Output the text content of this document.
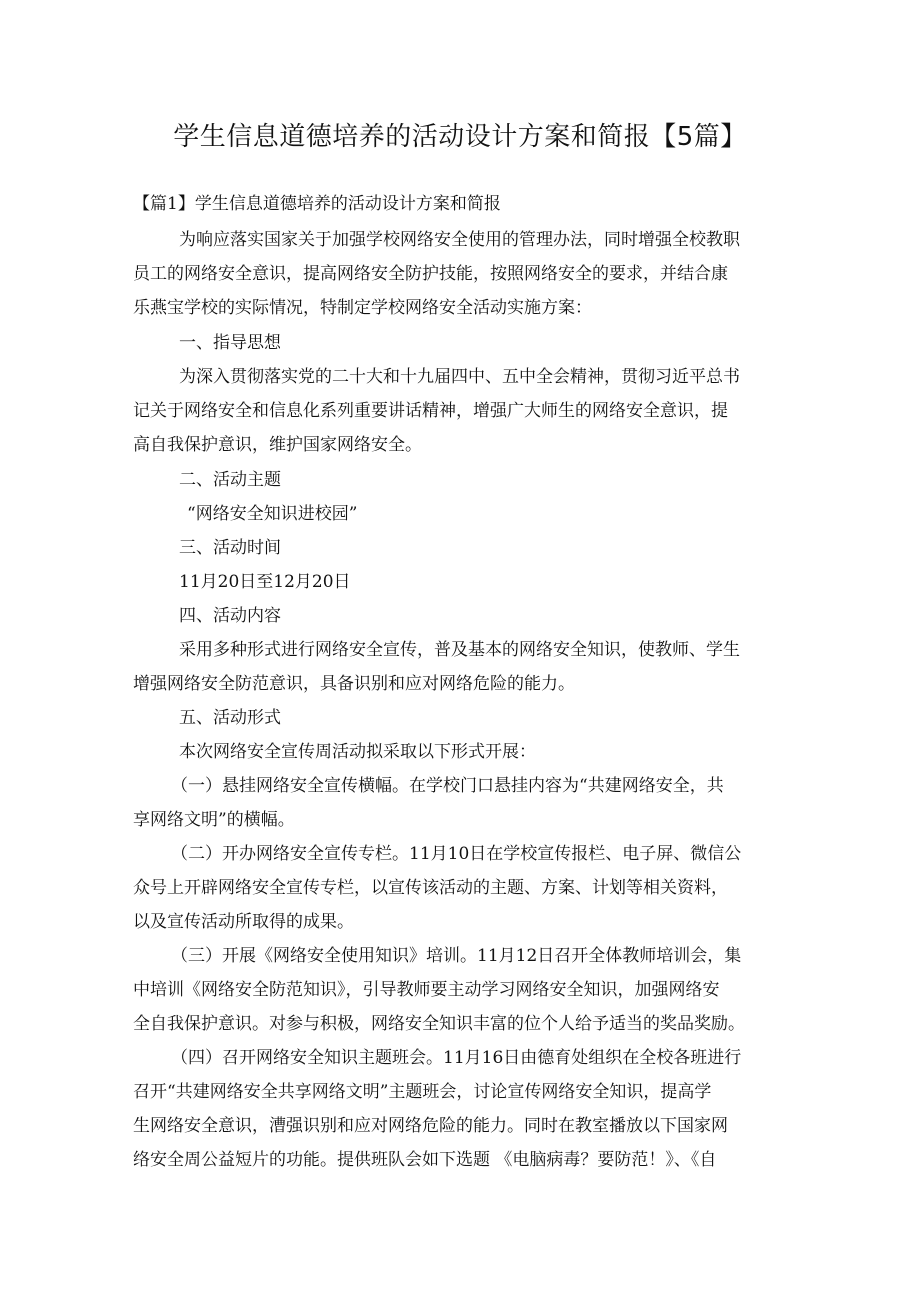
学生信息道德培养的活动设计方案和简报【5篇】

【篇1】学生信息道德培养的活动设计方案和简报

为响应落实国家关于加强学校网络安全使用的管理办法，同时增强全校教职

员工的网络安全意识，提高网络安全防护技能，按照网络安全的要求，并结合康

乐燕宝学校的实际情况，特制定学校网络安全活动实施方案：

一、指导思想

为深入贯彻落实党的二十大和十九届四中、五中全会精神，贯彻习近平总书

记关于网络安全和信息化系列重要讲话精神，增强广大师生的网络安全意识，提

高自我保护意识，维护国家网络安全。

二、活动主题

“网络安全知识进校园”

三、活动时间

11月20日至12月20日

四、活动内容

采用多种形式进行网络安全宣传，普及基本的网络安全知识，使教师、学生

增强网络安全防范意识，具备识别和应对网络危险的能力。

五、活动形式

本次网络安全宣传周活动拟采取以下形式开展：

（一）悬挂网络安全宣传横幅。在学校门口悬挂内容为“共建网络安全，共

享网络文明”的横幅。

（二）开办网络安全宣传专栏。11月10日在学校宣传报栏、电子屏、微信公

众号上开辟网络安全宣传专栏，以宣传该活动的主题、方案、计划等相关资料，

以及宣传活动所取得的成果。

（三）开展《网络安全使用知识》培训。11月12日召开全体教师培训会，集

中培训《网络安全防范知识》，引导教师要主动学习网络安全知识，加强网络安

全自我保护意识。对参与积极，网络安全知识丰富的位个人给予适当的奖品奖励。

（四）召开网络安全知识主题班会。11月16日由德育处组织在全校各班进行

召开“共建网络安全共享网络文明”主题班会，讨论宣传网络安全知识，提高学

生网络安全意识，漕强识别和应对网络危险的能力。同时在教室播放以下国家网

络安全周公益短片的功能。提供班队会如下选题 《电脑病毒？要防范！》、《自
